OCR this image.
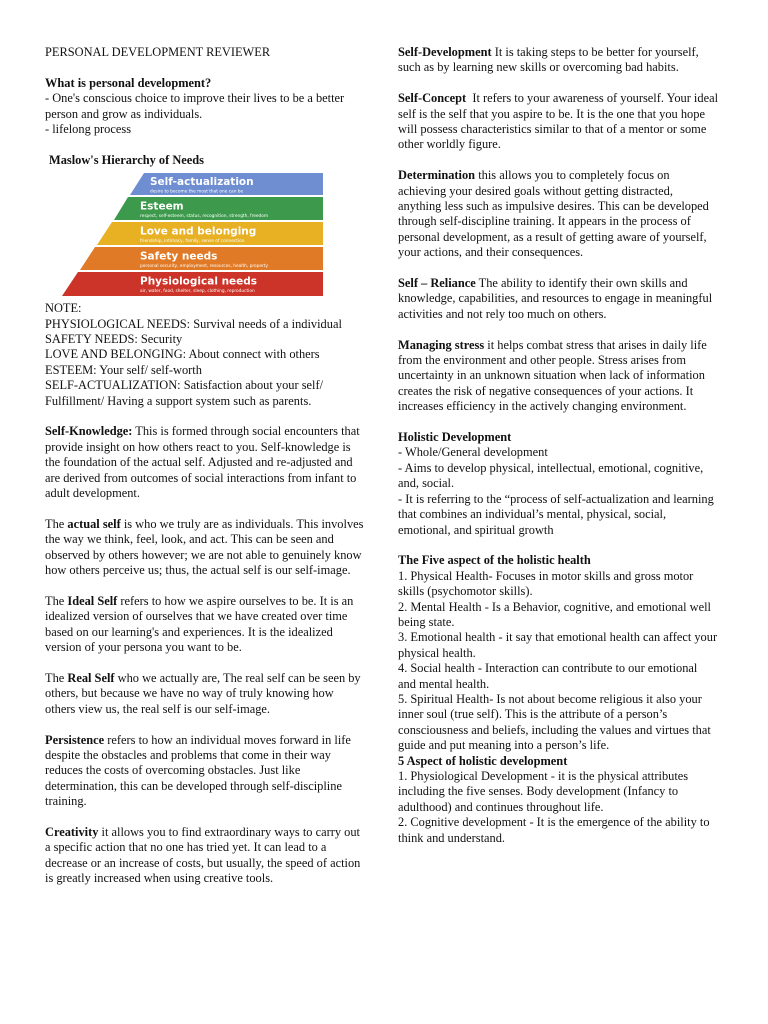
PERSONAL DEVELOPMENT REVIEWER

What is personal development?

- One's conscious choice to improve their lives to be a better person and grow as individuals.

- lifelong process

Maslow's Hierarchy of Needs

Self-actualization
desire to become the most that one can be
Esteem
respect, self-esteem, status, recognition, strength, freedom
Love and belonging
friendship, intimacy, family, sense of connection
Safety needs
personal security, employment, resources, health, property
Physiological needs
air, water, food, shelter, sleep, clothing, reproduction

NOTE:

PHYSIOLOGICAL NEEDS: Survival needs of a individual

SAFETY NEEDS: Security

LOVE AND BELONGING: About connect with others

ESTEEM: Your self/ self-worth

SELF-ACTUALIZATION: Satisfaction about your self/ Fulfillment/ Having a support system such as parents.

Self-Knowledge: This is formed through social encounters that provide insight on how others react to you. Self-knowledge is the foundation of the actual self. Adjusted and re-adjusted and are derived from outcomes of social interactions from infant to adult development.

The actual self is who we truly are as individuals. This involves the way we think, feel, look, and act. This can be seen and observed by others however; we are not able to genuinely know how others perceive us; thus, the actual self is our self-image.

The Ideal Self refers to how we aspire ourselves to be. It is an idealized version of ourselves that we have created over time based on our learning's and experiences. It is the idealized version of your persona you want to be.

The Real Self who we actually are, The real self can be seen by others, but because we have no way of truly knowing how others view us, the real self is our self-image.

Persistence refers to how an individual moves forward in life despite the obstacles and problems that come in their way reduces the costs of overcoming obstacles. Just like determination, this can be developed through self-discipline training.

Creativity it allows you to find extraordinary ways to carry out a specific action that no one has tried yet. It can lead to a decrease or an increase of costs, but usually, the speed of action is greatly increased when using creative tools.

Self-Development It is taking steps to be better for yourself, such as by learning new skills or overcoming bad habits.

Self-Concept  It refers to your awareness of yourself. Your ideal self is the self that you aspire to be. It is the one that you hope will possess characteristics similar to that of a mentor or some other worldly figure.

Determination this allows you to completely focus on achieving your desired goals without getting distracted, anything less such as impulsive desires. This can be developed through self-discipline training. It appears in the process of personal development, as a result of getting aware of yourself, your actions, and their consequences.

Self – Reliance The ability to identify their own skills and knowledge, capabilities, and resources to engage in meaningful activities and not rely too much on others.

Managing stress it helps combat stress that arises in daily life from the environment and other people. Stress arises from uncertainty in an unknown situation when lack of information creates the risk of negative consequences of your actions. It increases efficiency in the actively changing environment.

Holistic Development

- Whole/General development

- Aims to develop physical, intellectual, emotional, cognitive, and, social.

- It is referring to the “process of self-actualization and learning that combines an individual’s mental, physical, social, emotional, and spiritual growth

The Five aspect of the holistic health

1. Physical Health- Focuses in motor skills and gross motor skills (psychomotor skills).

2. Mental Health - Is a Behavior, cognitive, and emotional well being state.

3. Emotional health - it say that emotional health can affect your physical health.

4. Social health - Interaction can contribute to our emotional and mental health.

5. Spiritual Health- Is not about become religious it also your inner soul (true self). This is the attribute of a person’s consciousness and beliefs, including the values and virtues that guide and put meaning into a person’s life.

5 Aspect of holistic development

1. Physiological Development - it is the physical attributes including the five senses. Body development (Infancy to adulthood) and continues throughout life.

2. Cognitive development - It is the emergence of the ability to think and understand.
